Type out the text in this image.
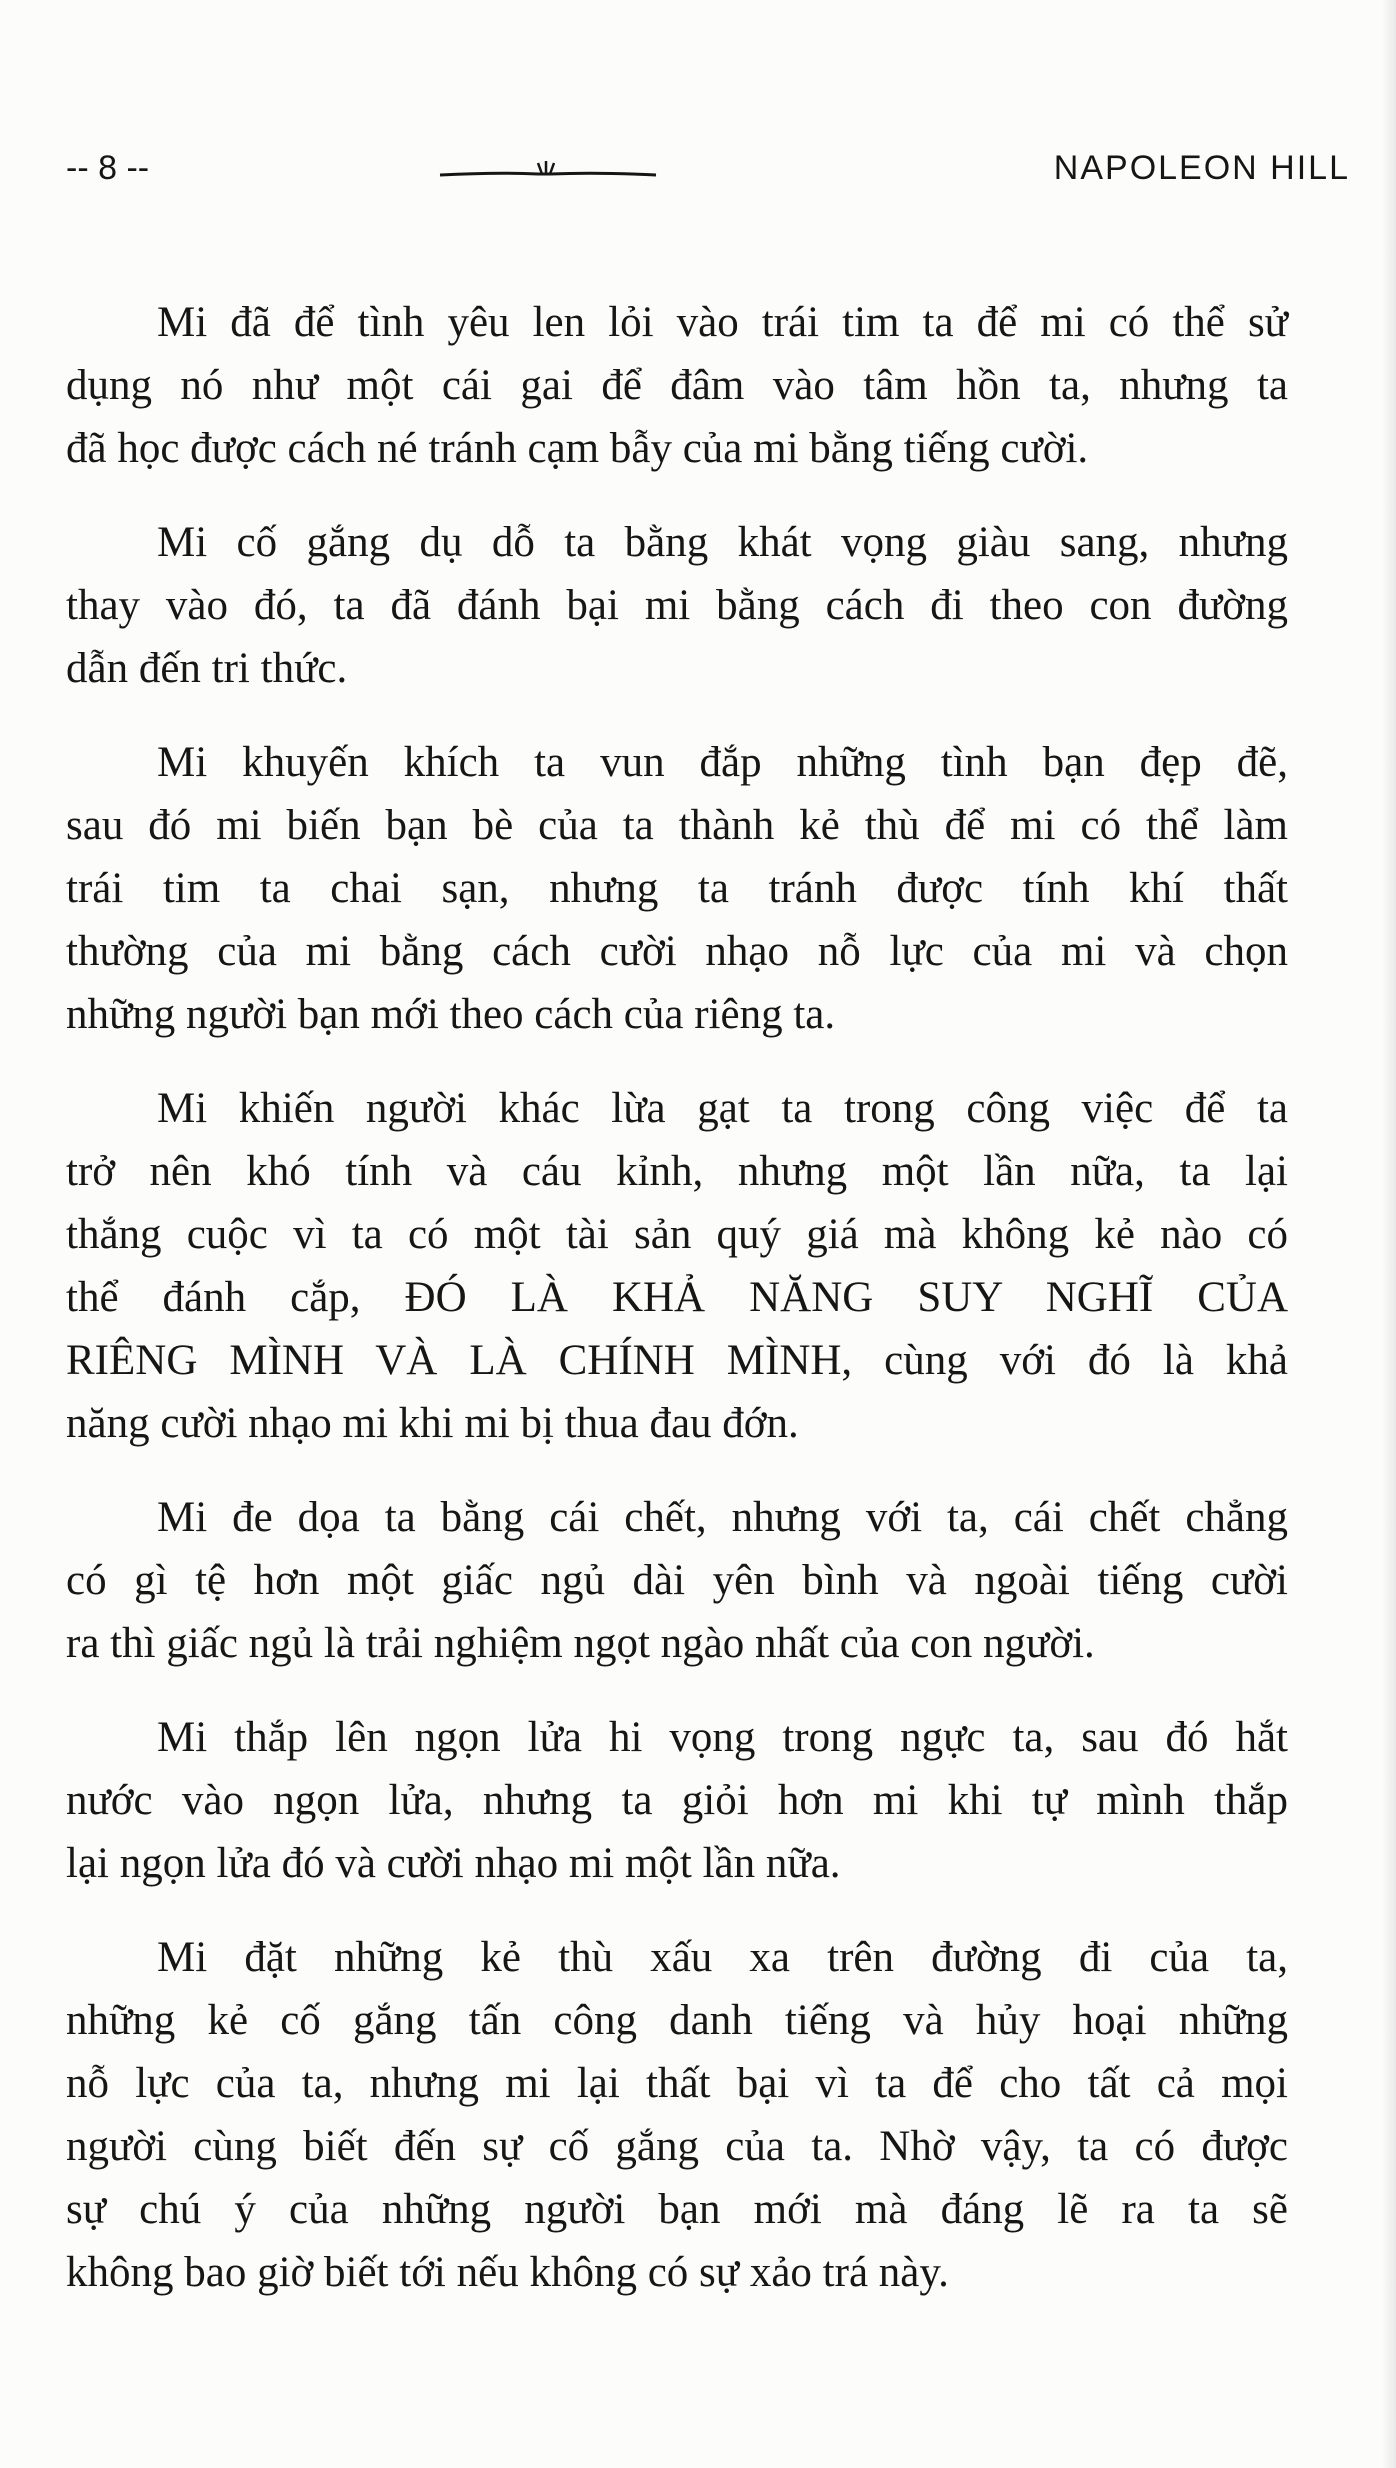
-- 8 --	NAPOLEON HILL
Mi đã để tình yêu len lỏi vào trái tim ta để mi có thể sử
dụng nó như một cái gai để đâm vào tâm hồn ta, nhưng ta
đã học được cách né tránh cạm bẫy của mi bằng tiếng cười.
Mi cố gắng dụ dỗ ta bằng khát vọng giàu sang, nhưng
thay vào đó, ta đã đánh bại mi bằng cách đi theo con đường
dẫn đến tri thức.
Mi khuyến khích ta vun đắp những tình bạn đẹp đẽ,
sau đó mi biến bạn bè của ta thành kẻ thù để mi có thể làm
trái tim ta chai sạn, nhưng ta tránh được tính khí thất
thường của mi bằng cách cười nhạo nỗ lực của mi và chọn
những người bạn mới theo cách của riêng ta.
Mi khiến người khác lừa gạt ta trong công việc để ta
trở nên khó tính và cáu kỉnh, nhưng một lần nữa, ta lại
thắng cuộc vì ta có một tài sản quý giá mà không kẻ nào có
thể đánh cắp, ĐÓ LÀ KHẢ NĂNG SUY NGHĨ CỦA
RIÊNG MÌNH VÀ LÀ CHÍNH MÌNH, cùng với đó là khả
năng cười nhạo mi khi mi bị thua đau đớn.
Mi đe dọa ta bằng cái chết, nhưng với ta, cái chết chẳng
có gì tệ hơn một giấc ngủ dài yên bình và ngoài tiếng cười
ra thì giấc ngủ là trải nghiệm ngọt ngào nhất của con người.
Mi thắp lên ngọn lửa hi vọng trong ngực ta, sau đó hắt
nước vào ngọn lửa, nhưng ta giỏi hơn mi khi tự mình thắp
lại ngọn lửa đó và cười nhạo mi một lần nữa.
Mi đặt những kẻ thù xấu xa trên đường đi của ta,
những kẻ cố gắng tấn công danh tiếng và hủy hoại những
nỗ lực của ta, nhưng mi lại thất bại vì ta để cho tất cả mọi
người cùng biết đến sự cố gắng của ta. Nhờ vậy, ta có được
sự chú ý của những người bạn mới mà đáng lẽ ra ta sẽ
không bao giờ biết tới nếu không có sự xảo trá này.
